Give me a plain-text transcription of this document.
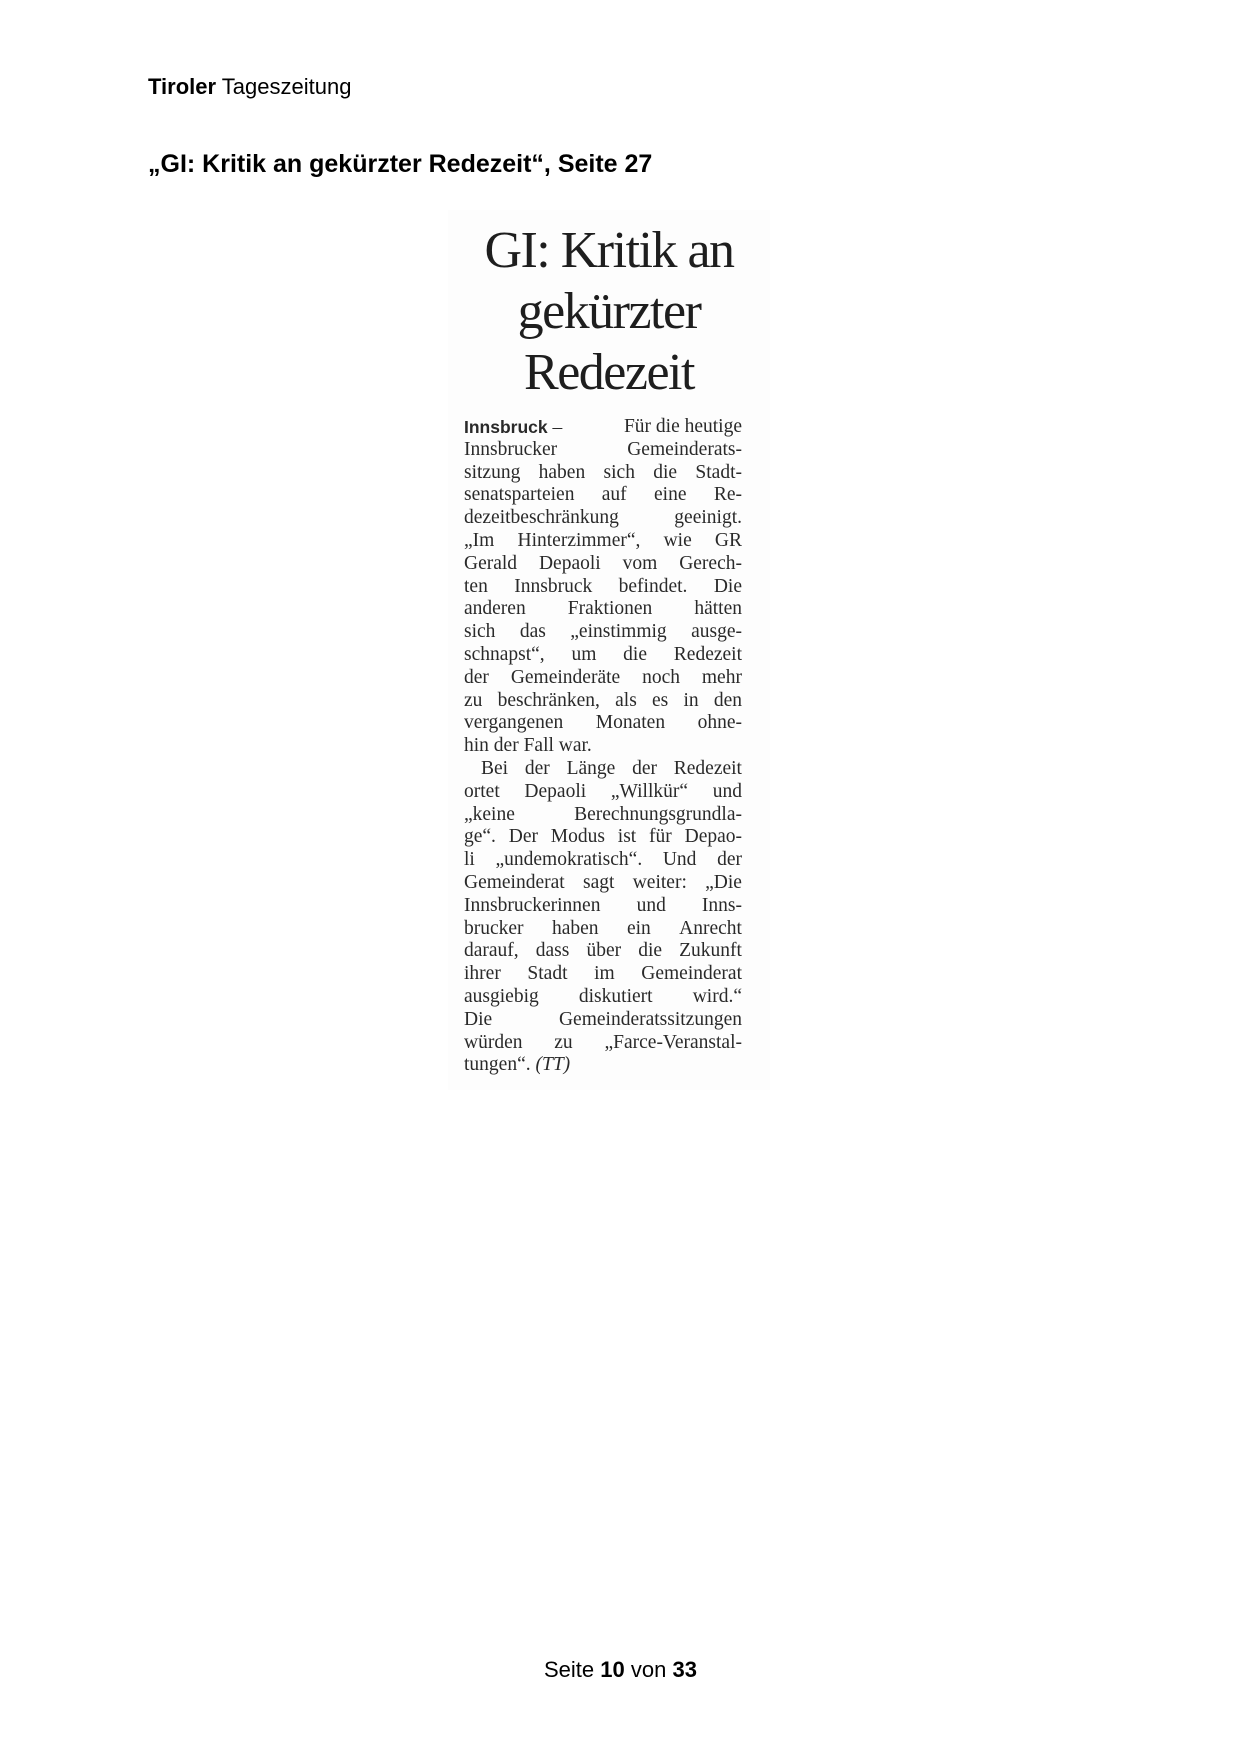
Tiroler Tageszeitung
„GI: Kritik an gekürzter Redezeit“, Seite 27
GI: Kritik an
gekürzter
Redezeit
Innsbruck –	Für die heutige
Innsbrucker	Gemeinderats-
sitzung haben sich die Stadt-
senatsparteien auf eine Re-
dezeitbeschränkung	geeinigt.
„Im Hinterzimmer“, wie GR
Gerald Depaoli vom Gerech-
ten Innsbruck befindet. Die
anderen Fraktionen hätten
sich das „einstimmig ausge-
schnapst“, um die Redezeit
der Gemeinderäte noch mehr
zu beschränken, als es in den
vergangenen Monaten ohne-
hin der Fall war.
Bei der Länge der Redezeit
ortet Depaoli „Willkür“ und
„keine	Berechnungsgrundla-
ge“. Der Modus ist für Depao-
li „undemokratisch“. Und der
Gemeinderat sagt weiter: „Die
Innsbruckerinnen und Inns-
brucker haben ein Anrecht
darauf, dass über die Zukunft
ihrer Stadt im Gemeinderat
ausgiebig diskutiert wird.“
Die	Gemeinderatssitzungen
würden zu „Farce-Veranstal-
tungen“.
(TT)
Seite 10 von 33
